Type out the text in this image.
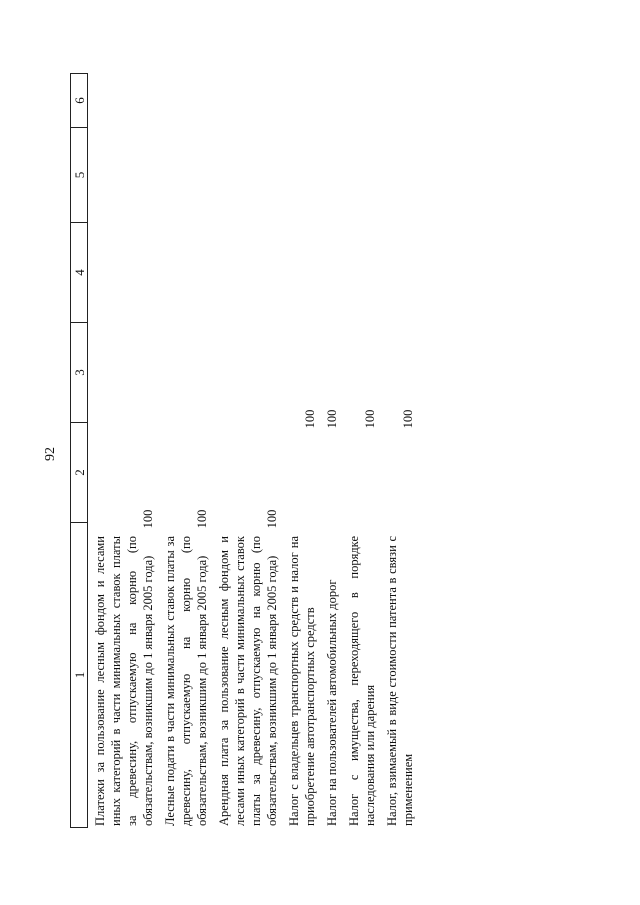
92
1
2
3
4
5
6
Платежи за пользование лесным фондом и лесами иных категорий в части минимальных ставок платы за древесину, отпускаемую на корню (по обязательствам, возникшим до 1 января 2005 года)
100
Лесные подати в части минимальных ставок платы за древесину, отпускаемую на корню (по обязательствам, возникшим до 1 января 2005 года)
100
Арендная плата за пользование лесным фондом и лесами иных категорий в части минимальных ставок платы за древесину, отпускаемую на корню (по обязательствам, возникшим до 1 января 2005 года)
100
Налог с владельцев транспортных средств и налог на приобретение автотранспортных средств
100
Налог на пользователей автомобильных дорог
100
Налог с имущества, переходящего в порядке наследования или дарения
100
Налог, взимаемый в виде стоимости патента в связи с применением
100
